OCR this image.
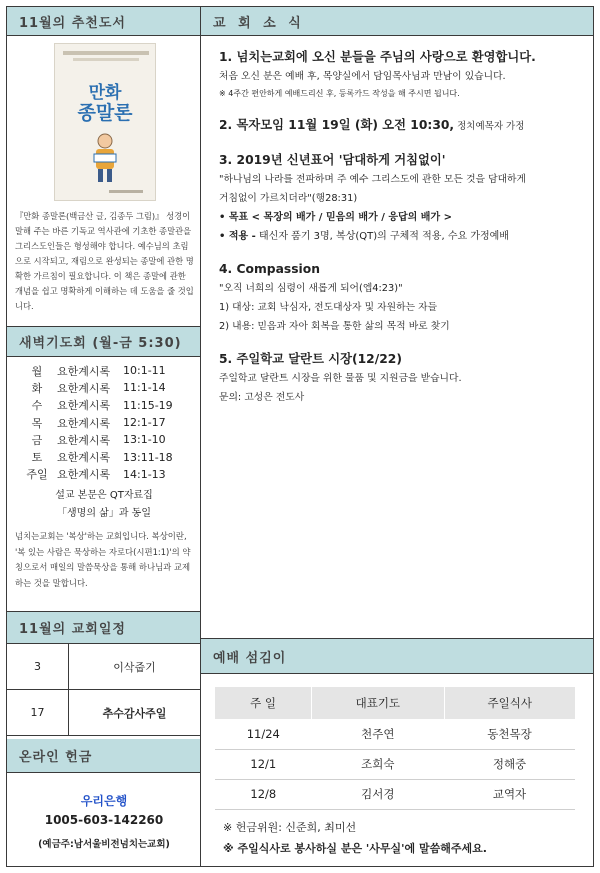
11월의 추천도서
만화
종말론
『만화 종말론(백금산 글, 김종두 그림)』 성경이 말해 주는 바른 기독교 역사관에 기초한 종말관을 그리스도인들은 형성해야 합니다. 예수님의 초림으로 시작되고, 재림으로 완성되는 종말에 관한 명확한 가르침이 필요합니다. 이 책은 종말에 관한 개념을 쉽고 명확하게 이해하는 데 도움을 줄 것입니다.
새벽기도회 (월-금 5:30)
월	요한계시록	10:1-11
화	요한계시록	11:1-14
수	요한계시록	11:15-19
목	요한계시록	12:1-17
금	요한계시록	13:1-10
토	요한계시록	13:11-18
주일 요한계시록	14:1-13
설교 본문은 QT자료집
「생명의 삶」과 동일
넘치는교회는 '복상'하는 교회입니다. 복상이란, '복 있는 사람은 묵상하는 자로다(시편1:1)'의 약칭으로서 매일의 말씀묵상을 통해 하나님과 교제하는 것을 말합니다.
11월의 교회일정
3	이삭줍기
17	추수감사주일
온라인 헌금
우리은행
1005-603-142260
(예금주:남서울비전넘치는교회)
교 회 소 식
1. 넘치는교회에 오신 분들을 주님의 사랑으로 환영합니다.
처음 오신 분은 예배 후, 목양실에서 담임목사님과 만남이 있습니다.
※ 4주간 편안하게 예배드리신 후, 등록카드 작성을 해 주시면 됩니다.
2. 목자모임 11월 19일 (화) 오전 10:30, 정치예목자 가정
3. 2019년 신년표어 '담대하게 거침없이'
"하나님의 나라를 전파하며 주 예수 그리스도에 관한 모든 것을 담대하게
거침없이 가르치더라"(행28:31)
• 목표 < 목장의 배가 / 믿음의 배가 / 응답의 배가 >
• 적용 - 태신자 품기 3명, 복상(QT)의 구체적 적용, 수요 가정예배
4. Compassion
"오직 너희의 심령이 새롭게 되어(엡4:23)"
1) 대상: 교회 낙심자, 전도대상자 및 자원하는 자들
2) 내용: 믿음과 자아 회복을 통한 삶의 목적 바로 찾기
5. 주일학교 달란트 시장(12/22)
주일학교 달란트 시장을 위한 물품 및 지원금을 받습니다.
문의: 고성은 전도사
예배 섬김이
주 일	대표기도	주일식사
11/24	천주연	동천목장
12/1	조희숙	정해중
12/8	김서경	교역자
※ 헌금위원: 신준희, 최미선
※ 주일식사로 봉사하실 분은 '사무실'에 말씀해주세요.
